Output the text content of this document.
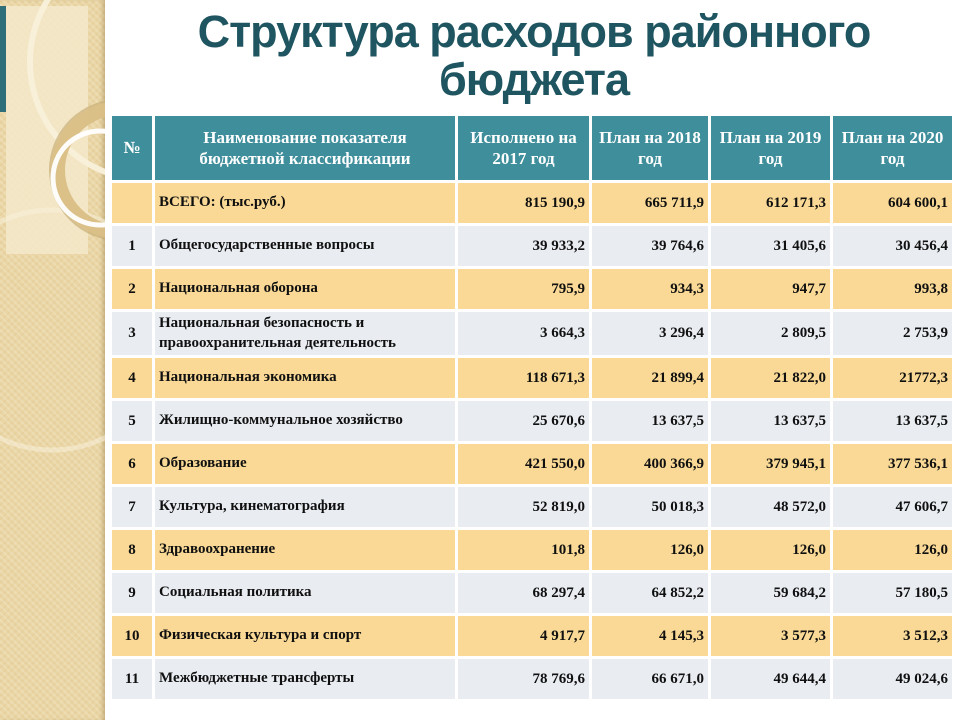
Структура расходов районного
бюджета
№	Наименование показателя бюджетной классификации	Исполнено на 2017 год	План на 2018 год	План на 2019 год	План на 2020 год
	ВСЕГО: (тыс.руб.)	815 190,9	665 711,9	612 171,3	604 600,1
1	Общегосударственные вопросы	39 933,2	39 764,6	31 405,6	30 456,4
2	Национальная оборона	795,9	934,3	947,7	993,8
3	Национальная безопасность и правоохранительная деятельность	3 664,3	3 296,4	2 809,5	2 753,9
4	Национальная экономика	118 671,3	21 899,4	21 822,0	21772,3
5	Жилищно-коммунальное хозяйство	25 670,6	13 637,5	13 637,5	13 637,5
6	Образование	421 550,0	400 366,9	379 945,1	377 536,1
7	Культура, кинематография	52 819,0	50 018,3	48 572,0	47 606,7
8	Здравоохранение	101,8	126,0	126,0	126,0
9	Социальная политика	68 297,4	64 852,2	59 684,2	57 180,5
10	Физическая культура и спорт	4 917,7	4 145,3	3 577,3	3 512,3
11	Межбюджетные трансферты	78 769,6	66 671,0	49 644,4	49 024,6
